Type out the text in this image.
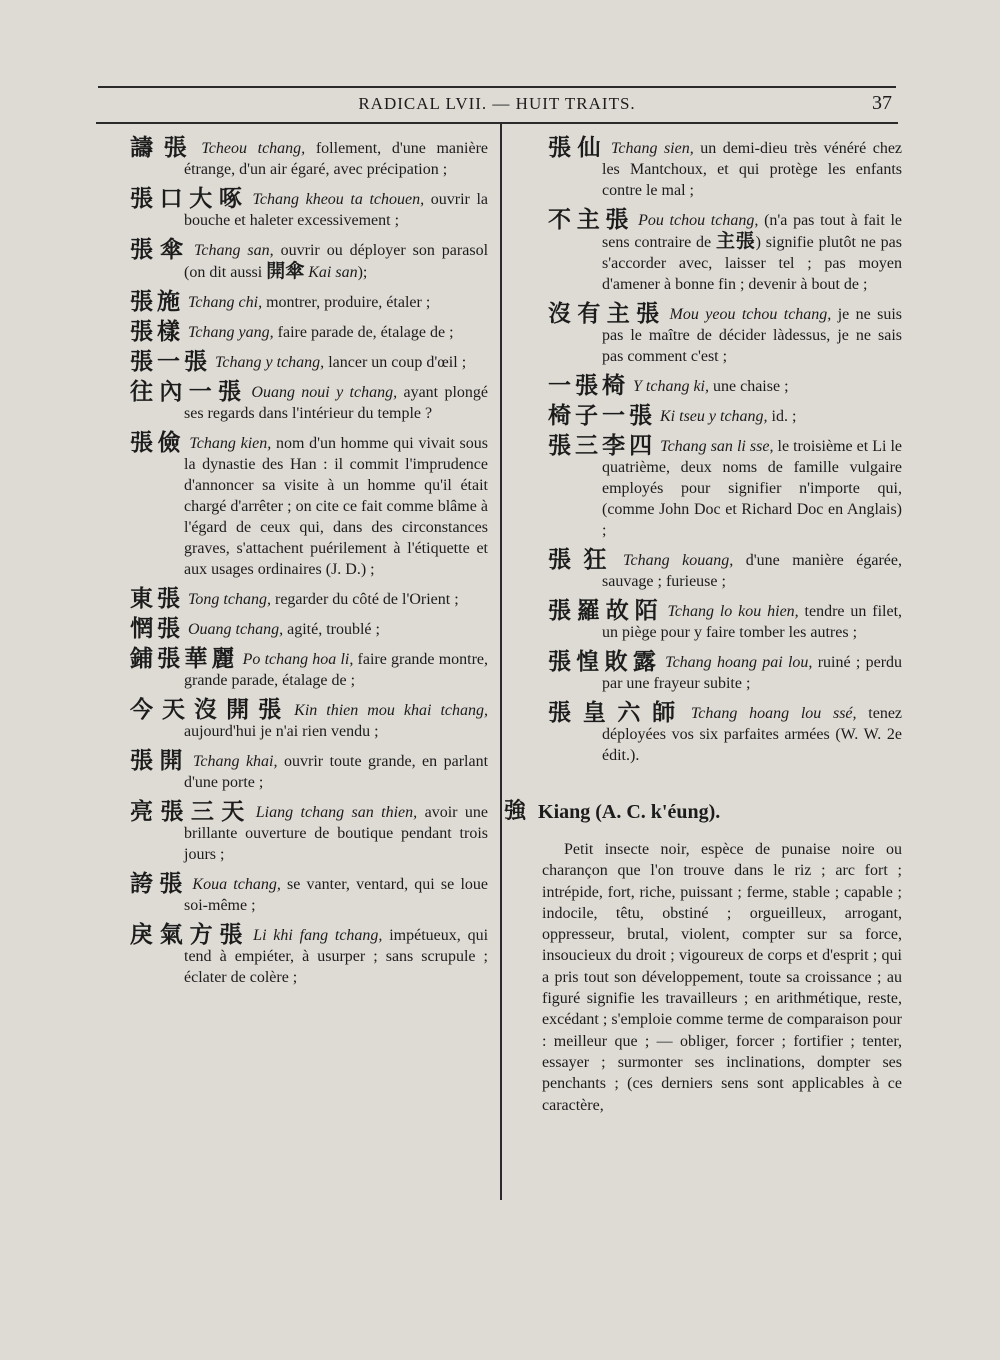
RADICAL LVII. — HUIT TRAITS.	37
譸張 Tcheou tchang, follement, d'une manière étrange, d'un air égaré, avec précipation ;
張口大啄 Tchang kheou ta tchouen, ouvrir la bouche et haleter excessivement ;
張傘 Tchang san, ouvrir ou déployer son parasol (on dit aussi 開傘 Kai san);
張施 Tchang chi, montrer, produire, étaler ;
張樣 Tchang yang, faire parade de, étalage de ;
張一張 Tchang y tchang, lancer un coup d'œil ;
往內一張 Ouang noui y tchang, ayant plongé ses regards dans l'intérieur du temple ?
張儉 Tchang kien, nom d'un homme qui vivait sous la dynastie des Han : il commit l'imprudence d'annoncer sa visite à un homme qu'il était chargé d'arrêter ; on cite ce fait comme blâme à l'égard de ceux qui, dans des circonstances graves, s'attachent puérilement à l'étiquette et aux usages ordinaires (J. D.) ;
東張 Tong tchang, regarder du côté de l'Orient ;
惘張 Ouang tchang, agité, troublé ;
鋪張華麗 Po tchang hoa li, faire grande montre, grande parade, étalage de ;
今天沒開張 Kin thien mou khai tchang, aujourd'hui je n'ai rien vendu ;
張開 Tchang khai, ouvrir toute grande, en parlant d'une porte ;
亮張三天 Liang tchang san thien, avoir une brillante ouverture de boutique pendant trois jours ;
誇張 Koua tchang, se vanter, ventard, qui se loue soi-même ;
戾氣方張 Li khi fang tchang, impétueux, qui tend à empiéter, à usurper ; sans scrupule ; éclater de colère ;
張仙 Tchang sien, un demi-dieu très vénéré chez les Mantchoux, et qui protège les enfants contre le mal ;
不主張 Pou tchou tchang, (n'a pas tout à fait le sens contraire de 主張) signifie plutôt ne pas s'accorder avec, laisser tel ; pas moyen d'amener à bonne fin ; devenir à bout de ;
沒有主張 Mou yeou tchou tchang, je ne suis pas le maître de décider làdessus, je ne sais pas comment c'est ;
一張椅 Y tchang ki, une chaise ;
椅子一張 Ki tseu y tchang, id. ;
張三李四 Tchang san li sse, le troisième et Li le quatrième, deux noms de famille vulgaire employés pour signifier n'importe qui, (comme John Doc et Richard Doc en Anglais) ;
張狂 Tchang kouang, d'une manière égarée, sauvage ; furieuse ;
張羅故陌 Tchang lo kou hien, tendre un filet, un piège pour y faire tomber les autres ;
張惶敗露 Tchang hoang pai lou, ruiné ; perdu par une frayeur subite ;
張皇六師 Tchang hoang lou ssé, tenez déployées vos six parfaites armées (W. W. 2e édit.).
強 Kiang (A. C. k'éung).
Petit insecte noir, espèce de punaise noire ou charançon que l'on trouve dans le riz ; arc fort ; intrépide, fort, riche, puissant ; ferme, stable ; capable ; indocile, têtu, obstiné ; orgueilleux, arrogant, oppresseur, brutal, violent, compter sur sa force, insoucieux du droit ; vigoureux de corps et d'esprit ; qui a pris tout son développement, toute sa croissance ; au figuré signifie les travailleurs ; en arithmétique, reste, excédant ; s'emploie comme terme de comparaison pour : meilleur que ; — obliger, forcer ; fortifier ; tenter, essayer ; surmonter ses inclinations, dompter ses penchants ; (ces derniers sens sont applicables à ce caractère,
